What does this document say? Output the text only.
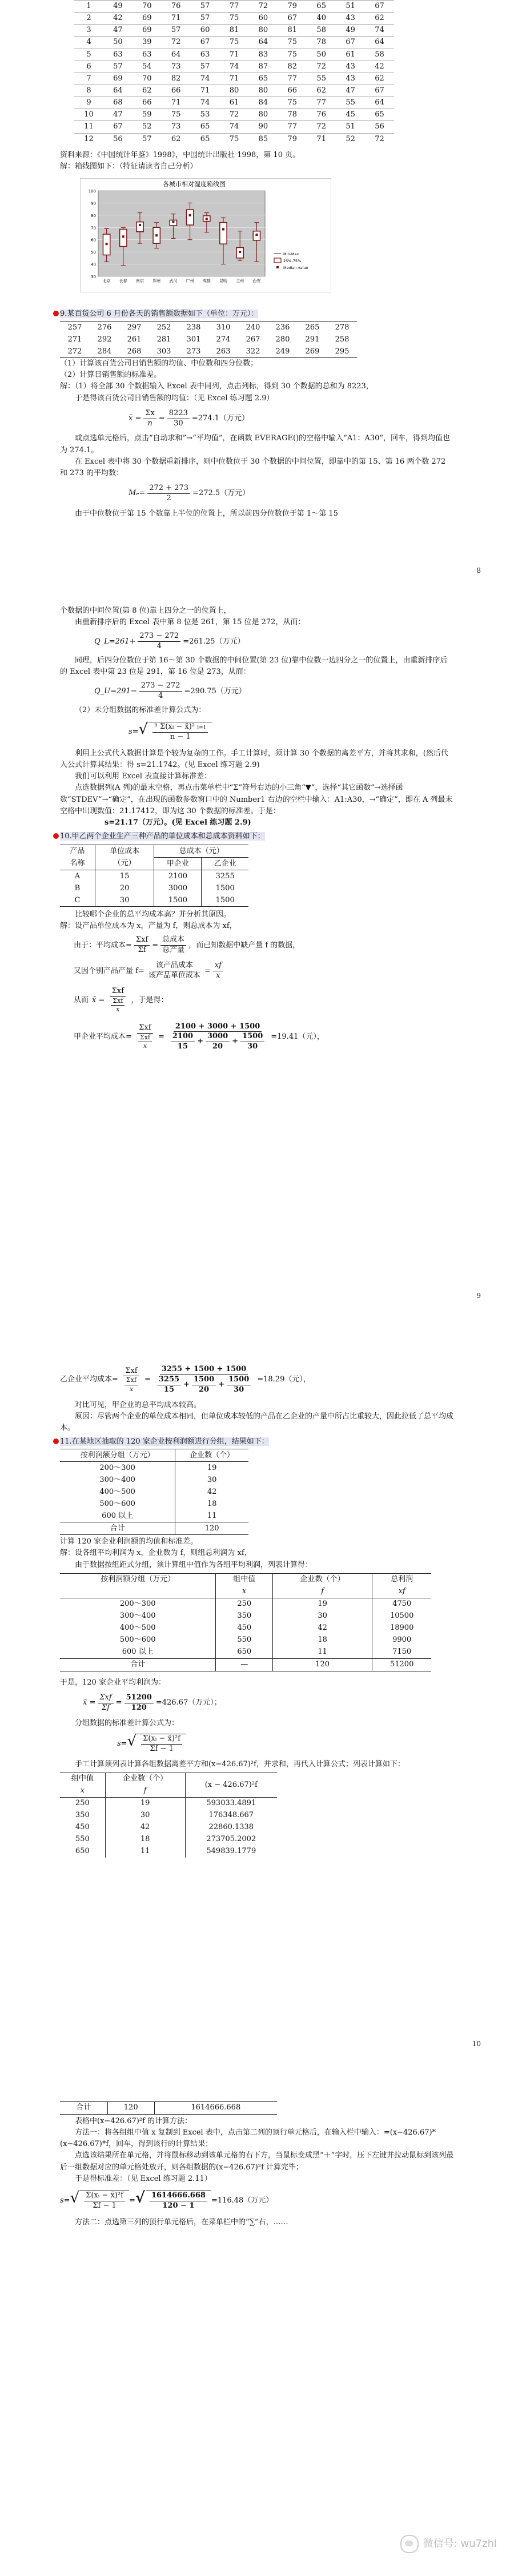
1	49	70	76	57	77	72	79	65	51	67
2	42	69	71	57	75	60	67	40	43	62
3	47	69	57	60	81	80	81	58	49	74
4	50	39	72	67	75	64	75	78	67	64
5	63	63	64	63	71	83	75	50	61	58
6	57	54	73	57	74	87	82	72	43	42
7	69	70	82	74	71	65	77	55	43	62
8	64	62	66	71	80	80	66	62	47	67
9	68	66	71	74	61	84	75	77	55	64
10	47	59	75	53	72	80	78	76	45	65
11	67	52	73	65	74	90	77	72	51	56
12	56	57	62	65	75	85	79	71	52	72

资料来源：《中国统计年鉴》1998》，中国统计出版社 1998，第 10 页。

解：箱线图如下：（特征请读者自己分析）

各城市相对湿度箱线图
30
40
50
60
70
80
90
100
北京 长春 南京 郑州 武汉 广州 成都 昆明 兰州 西安
Min-Max
25%-75%
Median value

9.某百货公司 6 月份各天的销售额数据如下（单位：万元）：

257	276	297	252	238	310	240	236	265	278
271	292	261	281	301	274	267	280	291	258
272	284	268	303	273	263	322	249	269	295

（1）计算该百货公司日销售额的均值、中位数和四分位数；

（2）计算日销售额的标准差。

解：（1）将全部 30 个数据输入 Excel 表中同列，点击列标，得到 30 个数据的总和为 8223，

于是得该百货公司日销售额的均值：（见 Excel 练习题 2.9）

x̄ = $\frac{\Sigma x}{n} = \frac{8223}{30} =274.1$（万元）

或点选单元格后，点击“自动求和”→“平均值”，在函数 EVERAGE()的空格中输入“A1：A30”，回车，得到均值也为 274.1。

在 Excel 表中将 30 个数据重新排序，则中位数位于 30 个数据的中间位置，即靠中的第 15、第 16 两个数 272 和 273 的平均数：

$M_e= \frac{272 + 273}{2} =272.5$（万元）

由于中位数位于第 15 个数靠上半位的位置上，所以前四分位数位于第 1～第 15

8

个数据的中间位置(第 8 位)靠上四分之一的位置上，

由重新排序后的 Excel 表中第 8 位是 261，第 15 位是 272，从而：

Q_L=261+ $\frac{273 - 272}{4} =261.25$（万元）

同理，后四分位数位于第 16～第 30 个数据的中间位置(第 23 位)靠中位数一边四分之一的位置上，由重新排序后的 Excel 表中第 23 位是 291，第 16 位是 273，从而：

Q_U=291− $\frac{273 - 272}{4} =290.75$（万元）

（2）未分组数据的标准差计算公式为：

s= √ $\frac{^n \Sigma(xᵢ - x̄)^2 i=1}{n - 1}$

利用上公式代入数据计算是个较为复杂的工作。手工计算时，须计算 30 个数据的离差平方，并将其求和，(然后代入公式计算其结果：得 s=21.1742。(见 Excel 练习题 2.9)

我们可以利用 Excel 表直接计算标准差：

点选数据列(A 列)的最末空格，再点击菜单栏中“Σ”符号右边的小三角“▼”，选择“其它函数”→选择函数“STDEV”→“确定”，在出现的函数参数窗口中的 Number1 右边的空栏中输入：A1:A30，→“确定”，即在 A 列最末空格中出现数值：21.17412，即为这 30 个数据的标准差。于是：

s=21.17（万元）。(见 Excel 练习题 2.9)

10.甲乙两个企业生产三种产品的单位成本和总成本资料如下：

产品	单位成本	总成本（元）	
名称	（元）	甲企业	乙企业
A	15	2100	3255
B	20	3000	1500
C	30	1500	1500

比较哪个企业的总平均成本高？并分析其原因。

解：设产品单位成本为 x，产量为 f，则总成本为 xf，

由于：平均成本 = $\frac{\text{Σxf}}{\Sigma f} = \frac{\text{总成本}}{\text{总产量}}$ ，而已知数据中缺产量 f 的数据，
又因个别产品产量 $f= \frac{\text{该产品成本}}{\text{该产品单位成本}} = \frac{xf}{x}$
从而 x̄ = $\frac{\text{Σxf}}{\frac{\text{Σxf}}{x}}$ ，于是得：
甲企业平均成本= $\frac{\text{Σxf}}{\frac{\text{Σxf}}{x}} = \frac{2100 + 3000 + 1500}{\frac{2100}{15} + \frac{3000}{20} + \frac{1500}{30}} =19.41$（元），
9
乙企业平均成本= $\frac{\text{Σxf}}{\frac{\text{Σxf}}{x}} = \frac{3255 + 1500 + 1500}{\frac{3255}{15} + \frac{1500}{20} + \frac{1500}{30}} =18.29$（元），

对比可见，甲企业的总平均成本较高。

原因：尽管两个企业的单位成本相同，但单位成本较低的产品在乙企业的产量中所占比重较大，因此拉低了总平均成本。

11.在某地区抽取的 120 家企业按利润额进行分组，结果如下：

按利润额分组（万元）	企业数（个）
200～300	19
300～400	30
400～500	42
500～600	18
600 以上	11
合计	120

计算 120 家企业利润额的均值和标准差。

解：设各组平均利润为 x，企业数为 f，则组总利润为 xf，

由于数据按组距式分组，须计算组中值作为各组平均利润，列表计算得：

按利润额分组（万元）	组中值	企业数（个）	总利润
	x	f	xf
200～300	250	19	4750
300～400	350	30	10500
400～500	450	42	18900
500～600	550	18	9900
600 以上	650	11	7150
合计	—	120	51200

于是，120 家企业平均利润为：

x̄ = $\frac{\text{Σxf}}{\Sigma f} = \frac{51200}{120} =426.67$（万元）；

分组数据的标准差计算公式为：

s= √ $\frac{\text{Σ(xᵢ − x̄)²f}}{\Sigma f - 1}$

手工计算须列表计算各组数据离差平方和(x−426.67)²f，并求和，再代入计算公式；列表计算如下：

组中值	企业数（个）	(x − 426.67)²f
x	f	
250	19	593033.4891
350	30	176348.667
450	42	22860.1338
550	18	273705.2002
650	11	549839.1779
10
合计	120	1614666.668

表格中(x−426.67)²f 的计算方法：

方法一：将各组组中值 x 复制到 Excel 表中，点击第二列的顶行单元格后，在输入栏中输入：=(x−426.67)*(x−426.67)*f，回车，得到该行的计算结果；

点选该结果所在单元格，并将鼠标移动到该单元格的右下方，当鼠标变成黑“＋”字时，压下左键并拉动鼠标到该列最后一组数据对应的单元格处放开，则各组数据的(x−426.67)²f 计算完毕；

于是得标准差：（见 Excel 练习题 2.11）

s= √ $\frac{\text{Σ(xᵢ − x̄)²f}}{\Sigma f - 1}$ = √ $\frac{1614666.668}{120 - 1} =116.48$（万元）

方法二：点选第三列的顶行单元格后，在菜单栏中的“∑”右，……

微信号: wu7zhl
